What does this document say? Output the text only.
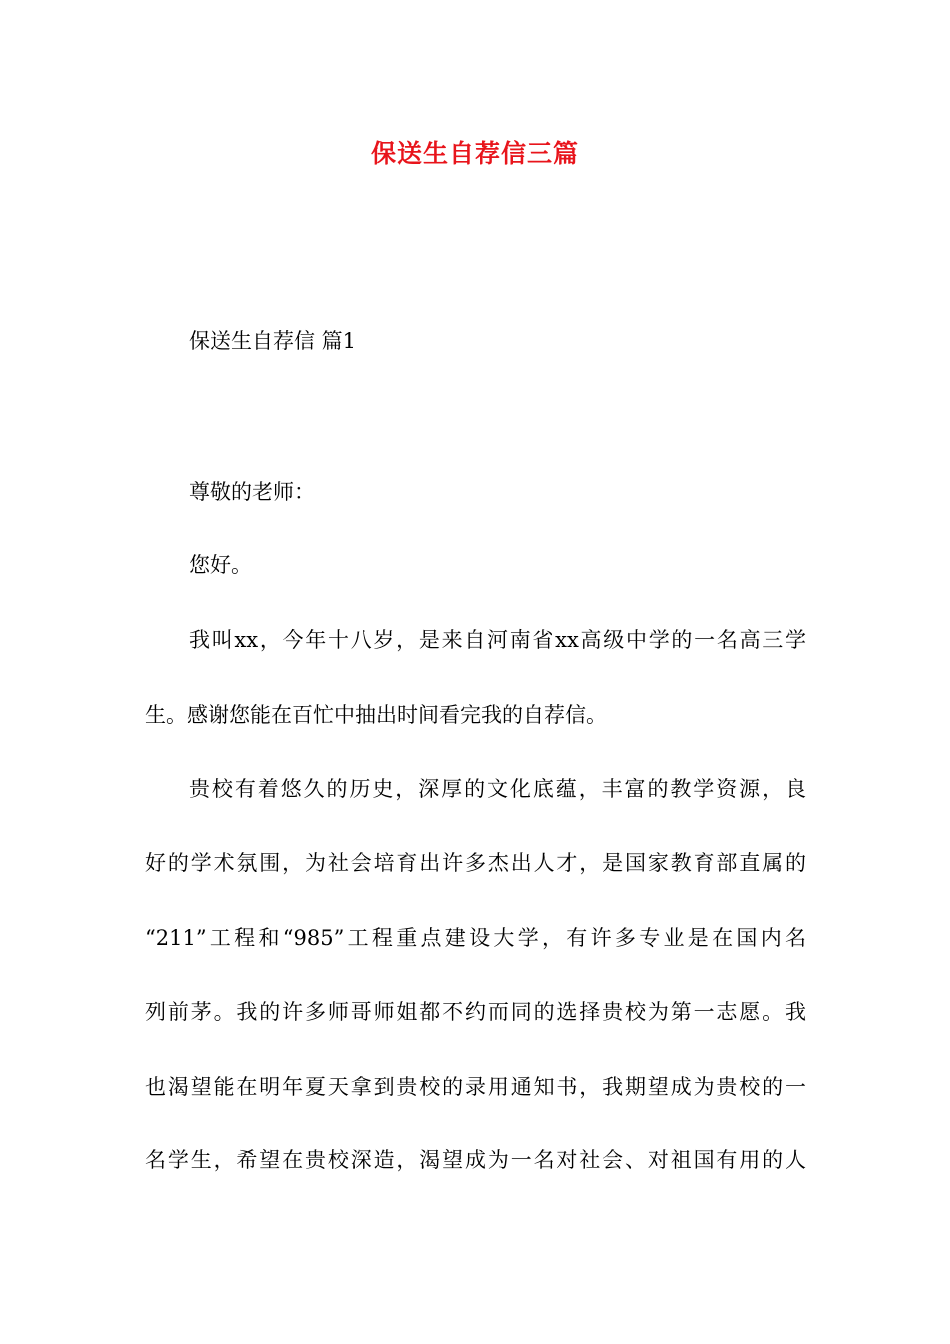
保送生自荐信三篇
保送生自荐信 篇1
尊敬的老师：
您好。
我叫xx，今年十八岁，是来自河南省xx高级中学的一名高三学
生。感谢您能在百忙中抽出时间看完我的自荐信。
贵校有着悠久的历史，深厚的文化底蕴，丰富的教学资源，良
好的学术氛围，为社会培育出许多杰出人才，是国家教育部直属的
“211”工程和“985”工程重点建设大学，有许多专业是在国内名
列前茅。我的许多师哥师姐都不约而同的选择贵校为第一志愿。我
也渴望能在明年夏天拿到贵校的录用通知书，我期望成为贵校的一
名学生，希望在贵校深造，渴望成为一名对社会、对祖国有用的人
